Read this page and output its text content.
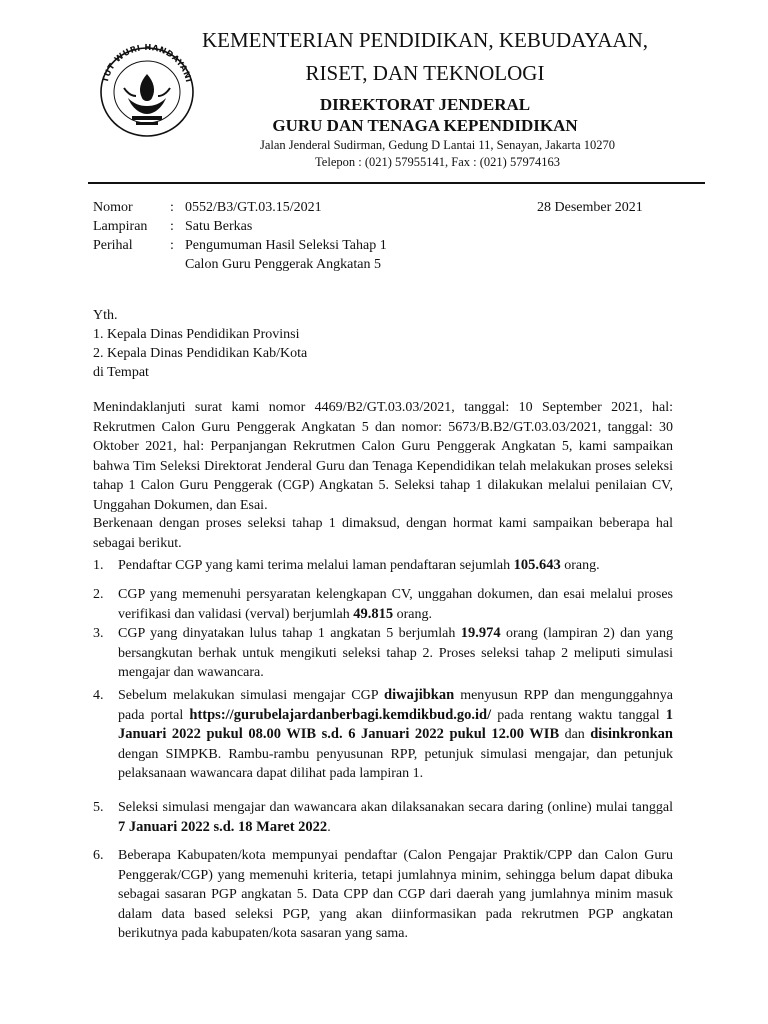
TUT WURI HANDAYANI
KEMENTERIAN PENDIDIKAN, KEBUDAYAAN,
RISET, DAN TEKNOLOGI
DIREKTORAT JENDERAL
GURU DAN TENAGA KEPENDIDIKAN
Jalan Jenderal Sudirman, Gedung D Lantai 11, Senayan, Jakarta 10270
Telepon : (021) 57955141, Fax : (021) 57974163
Nomor	: 0552/B3/GT.03.15/2021	28 Desember 2021
Lampiran : Satu Berkas
Perihal	: Pengumuman Hasil Seleksi Tahap 1
Calon Guru Penggerak Angkatan 5
Yth.
1. Kepala Dinas Pendidikan Provinsi
2. Kepala Dinas Pendidikan Kab/Kota
di Tempat
Menindaklanjuti surat kami nomor 4469/B2/GT.03.03/2021, tanggal: 10 September 2021, hal: Rekrutmen Calon Guru Penggerak Angkatan 5 dan nomor: 5673/B.B2/GT.03.03/2021, tanggal: 30 Oktober 2021, hal: Perpanjangan Rekrutmen Calon Guru Penggerak Angkatan 5, kami sampaikan bahwa Tim Seleksi Direktorat Jenderal Guru dan Tenaga Kependidikan telah melakukan proses seleksi tahap 1 Calon Guru Penggerak (CGP) Angkatan 5. Seleksi tahap 1 dilakukan melalui penilaian CV, Unggahan Dokumen, dan Esai.
Berkenaan dengan proses seleksi tahap 1 dimaksud, dengan hormat kami sampaikan beberapa hal sebagai berikut.
1.	Pendaftar CGP yang kami terima melalui laman pendaftaran sejumlah 105.643 orang.
2.	CGP yang memenuhi persyaratan kelengkapan CV, unggahan dokumen, dan esai melalui proses verifikasi dan validasi (verval) berjumlah 49.815 orang.
3.	CGP yang dinyatakan lulus tahap 1 angkatan 5 berjumlah 19.974 orang (lampiran 2) dan yang bersangkutan berhak untuk mengikuti seleksi tahap 2. Proses seleksi tahap 2 meliputi simulasi mengajar dan wawancara.
4.	Sebelum melakukan simulasi mengajar CGP diwajibkan menyusun RPP dan mengunggahnya pada portal https://gurubelajardanberbagi.kemdikbud.go.id/ pada rentang waktu tanggal 1 Januari 2022 pukul 08.00 WIB s.d. 6 Januari 2022 pukul 12.00 WIB dan disinkronkan dengan SIMPKB. Rambu-rambu penyusunan RPP, petunjuk simulasi mengajar, dan petunjuk pelaksanaan wawancara dapat dilihat pada lampiran 1.
5.	Seleksi simulasi mengajar dan wawancara akan dilaksanakan secara daring (online) mulai tanggal 7 Januari 2022 s.d. 18 Maret 2022.
6.	Beberapa Kabupaten/kota mempunyai pendaftar (Calon Pengajar Praktik/CPP dan Calon Guru Penggerak/CGP) yang memenuhi kriteria, tetapi jumlahnya minim, sehingga belum dapat dibuka sebagai sasaran PGP angkatan 5. Data CPP dan CGP dari daerah yang jumlahnya minim masuk dalam data based seleksi PGP, yang akan diinformasikan pada rekrutmen PGP angkatan berikutnya pada kabupaten/kota sasaran yang sama.
